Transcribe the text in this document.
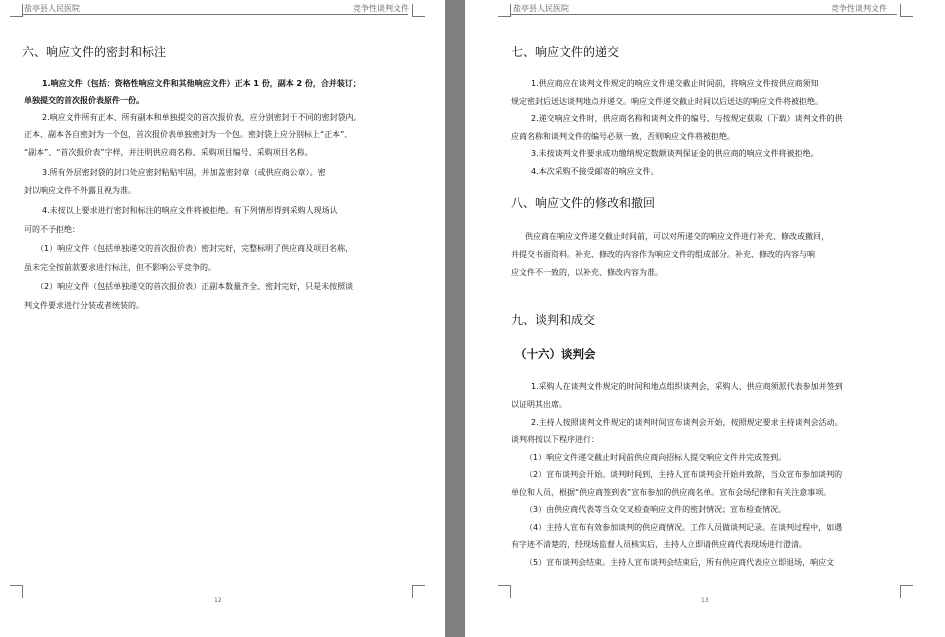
盐亭县人民医院	竞争性谈判文件
六、响应文件的密封和标注
1.响应文件（包括：资格性响应文件和其他响应文件）正本 1 份，副本 2 份，合并装订；
单独提交的首次报价表原件一份。
2.响应文件所有正本、所有副本和单独提交的首次报价表，应分别密封于不同的密封袋内,
正本、副本各自密封为一个包，首次报价表单独密封为一个包。密封袋上应分别标上“正本”、
“副本”、“首次报价表”字样，并注明供应商名称、采购项目编号、采购项目名称。
3.所有外层密封袋的封口处应密封粘贴牢固，并加盖密封章（或供应商公章）。密
封以响应文件不外露且视为准。
4.未按以上要求进行密封和标注的响应文件将被拒绝。有下列情形得到采购人现场认
可的不予拒绝：
（1）响应文件（包括单独递交的首次报价表）密封完好，完整标明了供应商及项目名称，
虽未完全按前款要求进行标注，但不影响公平竞争的。
（2）响应文件（包括单独递交的首次报价表）正副本数量齐全、密封完好，只是未按照谈
判文件要求进行分装或者统装的。
12
盐亭县人民医院	竞争性谈判文件
七、响应文件的递交
1.供应商应在谈判文件规定的响应文件递交截止时间前，将响应文件按供应商须知
规定密封后送达谈判地点并递交。响应文件递交截止时间以后送达的响应文件将被拒绝。
2.递交响应文件时，供应商名称和谈判文件的编号、与按规定获取（下载）谈判文件的供
应商名称和谈判文件的编号必须一致，否则响应文件将被拒绝。
3.未按谈判文件要求成功缴纳规定数额谈判保证金的供应商的响应文件将被拒绝。
4.本次采购不接受邮寄的响应文件。
八、响应文件的修改和撤回
供应商在响应文件递交截止时间前，可以对所递交的响应文件进行补充、修改或撤回，
并提交书面资料。补充、修改的内容作为响应文件的组成部分。补充、修改的内容与响
应文件不一致的，以补充、修改内容为准。
九、谈判和成交
（十六）谈判会
1.采购人在谈判文件规定的时间和地点组织谈判会，采购人、供应商须派代表参加并签到
以证明其出席。
2.主持人按照谈判文件规定的谈判时间宣布谈判会开始，按照规定要求主持谈判会活动。
谈判将按以下程序进行：
（1）响应文件递交截止时间前供应商向招标人提交响应文件并完成签到。
（2）宣布谈判会开始。谈判时间到，主持人宣布谈判会开始并致辞，当众宣布参加谈判的
单位和人员，根据“供应商签到表”宣布参加的供应商名单。宣布会场纪律和有关注意事项。
（3）由供应商代表等当众交叉检查响应文件的密封情况；宣布检查情况。
（4）主持人宣布有效参加谈判的供应商情况。工作人员做谈判记录。在谈判过程中，如遇
有字迹不清楚的，经现场监督人员核实后，主持人立即请供应商代表现场进行澄清。
（5）宣布谈判会结束。主持人宣布谈判会结束后，所有供应商代表应立即退场，响应文
13
